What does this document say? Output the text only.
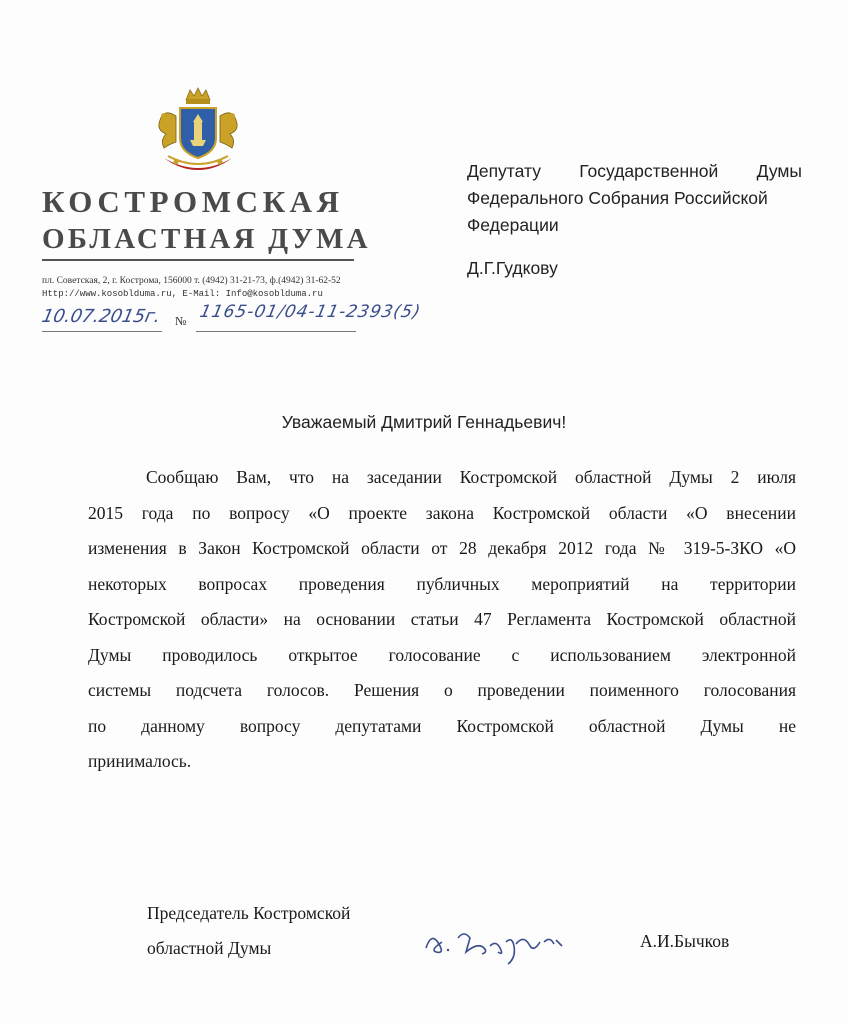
КОСТРОМСКАЯ
ОБЛАСТНАЯ ДУМА
пл. Советская, 2, г. Кострома, 156000 т. (4942) 31-21-73, ф.(4942) 31-62-52
Http://www.kosoblduma.ru, E-Mail: Info@kosoblduma.ru
10.07.2015г. № 1165-01/04-11-2393(5)
Депутату Государственной Думы
Федерального Собрания Российской
Федерации
Д.Г.Гудкову
Уважаемый Дмитрий Геннадьевич!
Сообщаю Вам, что на заседании Костромской областной Думы 2 июля
2015 года по вопросу «О проекте закона Костромской области «О внесении
изменения в Закон Костромской области от 28 декабря 2012 года № 319-5-ЗКО «О
некоторых вопросах проведения публичных мероприятий на территории
Костромской области» на основании статьи 47 Регламента Костромской областной
Думы проводилось открытое голосование с использованием электронной
системы подсчета голосов. Решения о проведении поименного голосования
по данному вопросу депутатами Костромской областной Думы не
принималось.
Председатель Костромской
областной Думы	А.И.Бычков
